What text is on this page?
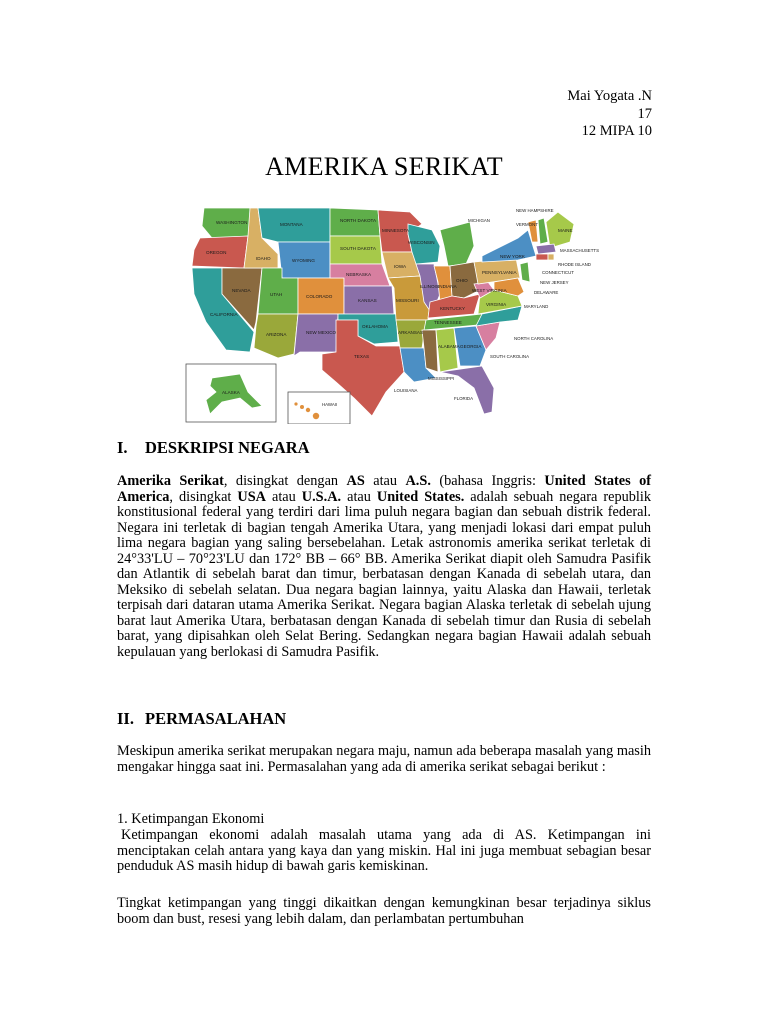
Mai Yogata .N
17
12 MIPA 10
AMERIKA SERIKAT
WASHINGTON
OREGON
CALIFORNIA
NEVADA
IDAHO
MONTANA
WYOMING
UTAH
ARIZONA
COLORADO
NEW MEXICO
NORTH DAKOTA
SOUTH DAKOTA
NEBRASKA
KANSAS
OKLAHOMA
TEXAS
MINNESOTA
IOWA
MISSOURI
ARKANSAS
LOUISIANA
WISCONSIN
ILLINOIS
MICHIGAN
INDIANA
OHIO
KENTUCKY
TENNESSEE
MISSISSIPPI
ALABAMA GEORGIA
FLORIDA
SOUTH CAROLINA
NORTH CAROLINA
VIRGINIA
WEST VIRGINIA
PENNSYLVANIA
NEW YORK
MARYLAND
DELAWARE
NEW JERSEY
CONNECTICUT
RHODE ISLAND
MASSACHUSETTS
VERMONT
NEW HAMPSHIRE
MAINE
ALASKA
HAWAII
I. DESKRIPSI NEGARA

Amerika Serikat, disingkat dengan AS atau A.S. (bahasa Inggris: United States of America, disingkat USA atau U.S.A. atau United States. adalah sebuah negara republik konstitusional federal yang terdiri dari lima puluh negara bagian dan sebuah distrik federal. Negara ini terletak di bagian tengah Amerika Utara, yang menjadi lokasi dari empat puluh lima negara bagian yang saling bersebelahan. Letak astronomis amerika serikat terletak di 24°33'LU – 70°23'LU dan 172° BB – 66° BB. Amerika Serikat diapit oleh Samudra Pasifik dan Atlantik di sebelah barat dan timur, berbatasan dengan Kanada di sebelah utara, dan Meksiko di sebelah selatan. Dua negara bagian lainnya, yaitu Alaska dan Hawaii, terletak terpisah dari dataran utama Amerika Serikat. Negara bagian Alaska terletak di sebelah ujung barat laut Amerika Utara, berbatasan dengan Kanada di sebelah timur dan Rusia di sebelah barat, yang dipisahkan oleh Selat Bering. Sedangkan negara bagian Hawaii adalah sebuah kepulauan yang berlokasi di Samudra Pasifik.

II. PERMASALAHAN

Meskipun amerika serikat merupakan negara maju, namun ada beberapa masalah yang masih mengakar hingga saat ini. Permasalahan yang ada di amerika serikat sebagai berikut :

1. Ketimpangan Ekonomi

Ketimpangan ekonomi adalah masalah utama yang ada di AS. Ketimpangan ini menciptakan celah antara yang kaya dan yang miskin. Hal ini juga membuat sebagian besar penduduk AS masih hidup di bawah garis kemiskinan.

Tingkat ketimpangan yang tinggi dikaitkan dengan kemungkinan besar terjadinya siklus boom dan bust, resesi yang lebih dalam, dan perlambatan pertumbuhan
